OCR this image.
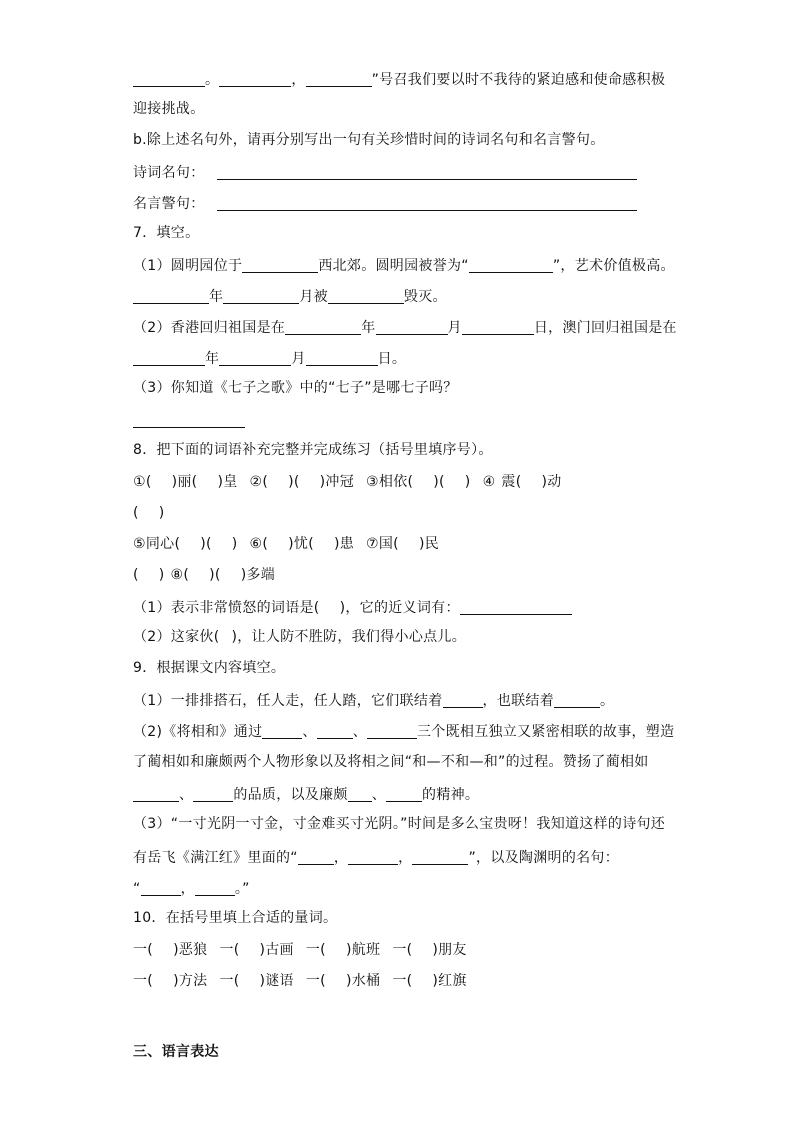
。	，	”号召我们要以时不我待的紧迫感和使命感积极
迎接挑战。
b.除上述名句外，请再分别写出一句有关珍惜时间的诗词名句和名言警句。
诗词名句：
名言警句：
7．填空。
（1）圆明园位于	西北郊。圆明园被誉为“	”，艺术价值极高。
年	月被	毁灭。
（2）香港回归祖国是在	年	月	日，澳门回归祖国是在
年	月	日。
（3）你知道《七子之歌》中的“七子”是哪七子吗？
8．把下面的词语补充完整并完成练习（括号里填序号）。
①( )丽( )皇 ②( )( )冲冠 ③相依( )( ) ④ 震( )动
( )
⑤同心( )( ) ⑥( )忧( )患 ⑦国( )民
( ) ⑧( )( )多端
（1）表示非常愤怒的词语是( )，它的近义词有：
（2）这家伙( )，让人防不胜防，我们得小心点儿。
9．根据课文内容填空。
（1）一排排搭石，任人走，任人踏，它们联结着	，也联结着	。
（2)《将相和》通过	、	、	三个既相互独立又紧密相联的故事，塑造
了蔺相如和廉颇两个人物形象以及将相之间“和—不和—和”的过程。赞扬了蔺相如
、	的品质，以及廉颇 、	的精神。
（3）“一寸光阴一寸金，寸金难买寸光阴。”时间是多么宝贵呀！我知道这样的诗句还
有岳飞《满江红》里面的“	，	，	”，以及陶渊明的名句：
“	，	。”
10．在括号里填上合适的量词。
一( )恶狼 一( )古画 一( )航班 一( )朋友
一( )方法 一( )谜语 一( )水桶 一( )红旗
三、语言表达
